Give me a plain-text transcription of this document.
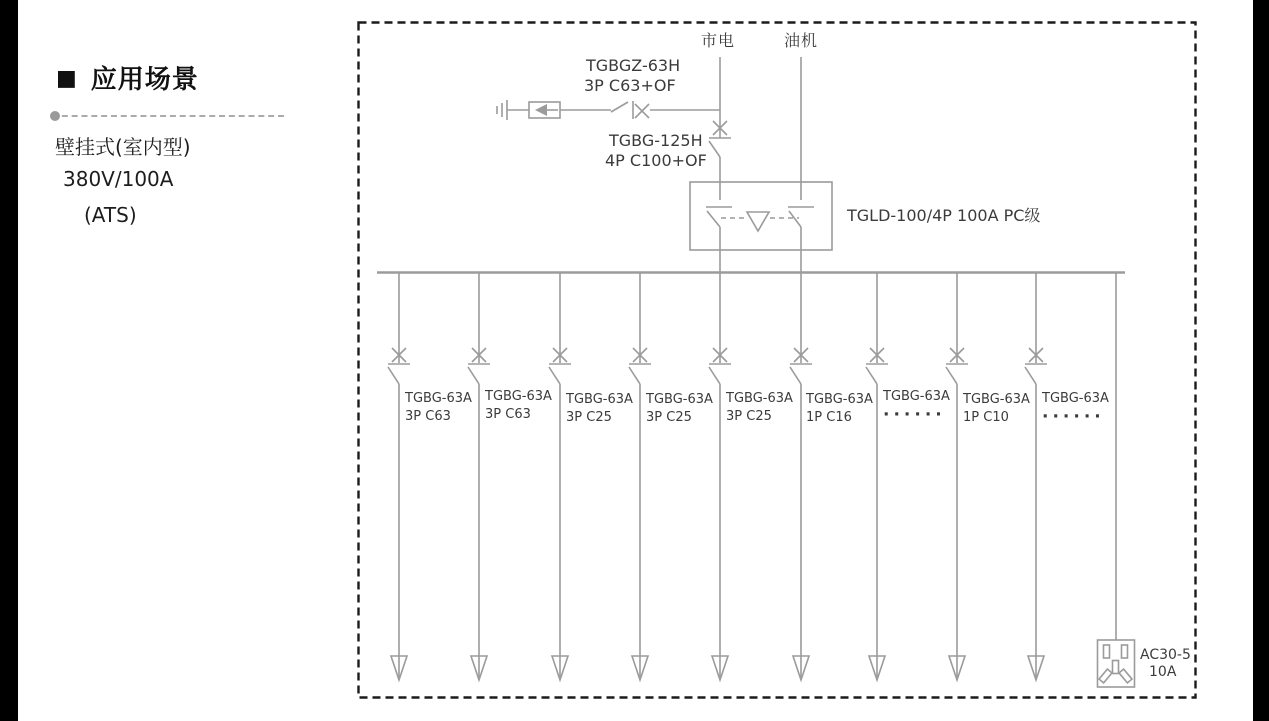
■ 应用场景
壁挂式(室内型)
380V/100A
(ATS)
市电	油机
TGBGZ-63H
3P C63+OF
TGBG-125H
4P C100+OF
TGLD-100/4P 100A PC级
TGBG-63A
3P C63
TGBG-63A
3P C63
TGBG-63A
3P C25
TGBG-63A
3P C25
TGBG-63A
3P C25
TGBG-63A
1P C16
TGBG-63A
······
TGBG-63A
1P C10
TGBG-63A
······
AC30-5
10A
